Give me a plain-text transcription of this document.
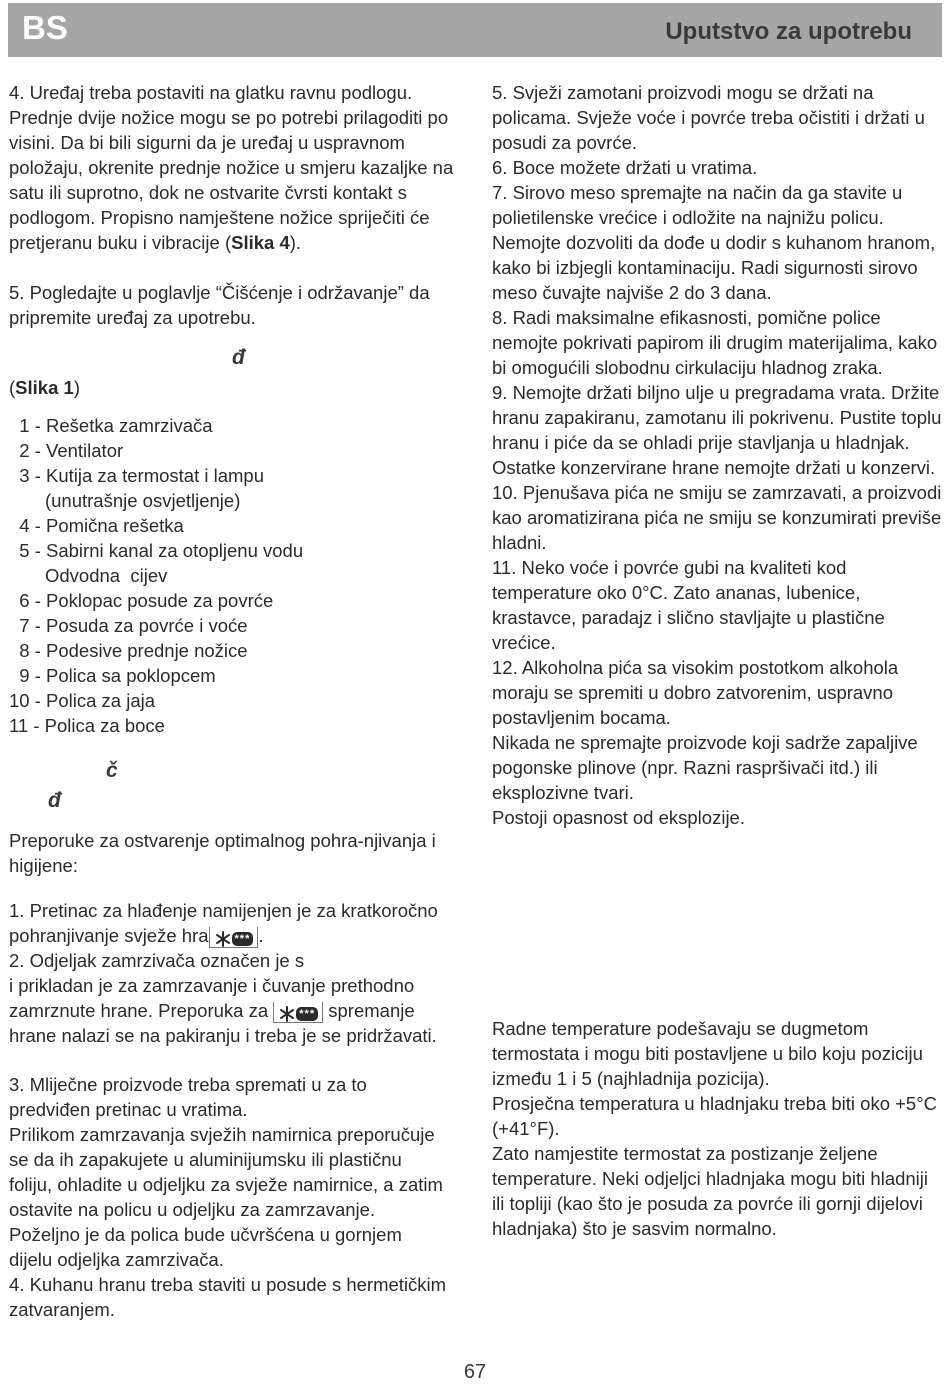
BS	Uputstvo za upotrebu
4. Uređaj treba postaviti na glatku ravnu podlogu. Prednje dvije nožice mogu se po potrebi prilagoditi po visini. Da bi bili sigurni da je uređaj u uspravnom položaju, okrenite prednje nožice u smjeru kazaljke na satu ili suprotno, dok ne ostvarite čvrsti kontakt s podlogom. Propisno namještene nožice spriječiti će pretjeranu buku i vibracije (Slika 4).
5. Pogledajte u poglavlje “Čišćenje i održavanje” da pripremite uređaj za upotrebu.
đ
(Slika 1)
1 - Rešetka zamrzivača
2 - Ventilator
3 - Kutija za termostat i lampu
(unutrašnje osvjetljenje)
4 - Pomična rešetka
5 - Sabirni kanal za otopljenu vodu
Odvodna  cijev
6 - Poklopac posude za povrće
7 - Posuda za povrće i voće
8 - Podesive prednje nožice
9 - Polica sa poklopcem
10 - Polica za jaja
11 - Polica za boce
č
đ
Preporuke za ostvarenje optimalnog pohra-njivanja i higijene:
1. Pretinac za hlađenje namijenjen je za kratkoročno pohranjivanje svježe hra *** .
2. Odjeljak zamrzivača označen je s
i prikladan je za zamrzavanje i čuvanje prethodno zamrznute hrane. Preporuka za	*** spremanje hrane nalazi se na pakiranju i treba je se pridržavati.
3. Mliječne proizvode treba spremati u za to predviđen pretinac u vratima.
Prilikom zamrzavanja svježih namirnica preporučuje se da ih zapakujete u aluminijumsku ili plastičnu foliju, ohladite u odjeljku za svježe namirnice, a zatim ostavite na policu u odjeljku za zamrzavanje.
Poželjno je da polica bude učvršćena u gornjem dijelu odjeljka zamrzivača.
4. Kuhanu hranu treba staviti u posude s hermetičkim zatvaranjem.
5. Svježi zamotani proizvodi mogu se držati na policama. Svježe voće i povrće treba očistiti i držati u posudi za povrće.
6. Boce možete držati u vratima.
7. Sirovo meso spremajte na način da ga stavite u polietilenske vrećice i odložite na najnižu policu.
Nemojte dozvoliti da dođe u dodir s kuhanom hranom, kako bi izbjegli kontaminaciju. Radi sigurnosti sirovo meso čuvajte najviše 2 do 3 dana.
8. Radi maksimalne efikasnosti, pomične police nemojte pokrivati papirom ili drugim materijalima, kako bi omogućili slobodnu cirkulaciju hladnog zraka.
9. Nemojte držati biljno ulje u pregradama vrata. Držite hranu zapakiranu, zamotanu ili pokrivenu. Pustite toplu hranu i piće da se ohladi prije stavljanja u hladnjak. Ostatke konzervirane hrane nemojte držati u konzervi.
10. Pjenušava pića ne smiju se zamrzavati, a proizvodi kao aromatizirana pića ne smiju se konzumirati previše hladni.
11. Neko voće i povrće gubi na kvaliteti kod temperature oko 0°C. Zato ananas, lubenice, krastavce, paradajz i slično stavljajte u plastične vrećice.
12. Alkoholna pića sa visokim postotkom alkohola moraju se spremiti u dobro zatvorenim, uspravno postavljenim bocama.
Nikada ne spremajte proizvode koji sadrže zapaljive pogonske plinove (npr. Razni raspršivači itd.) ili eksplozivne tvari.
Postoji opasnost od eksplozije.
Radne temperature podešavaju se dugmetom termostata i mogu biti postavljene u bilo koju poziciju između 1 i 5 (najhladnija pozicija).
Prosječna temperatura u hladnjaku treba biti oko +5°C (+41°F).
Zato namjestite termostat za postizanje željene temperature. Neki odjeljci hladnjaka mogu biti hladniji ili topliji (kao što je posuda za povrće ili gornji dijelovi hladnjaka) što je sasvim normalno.
67
